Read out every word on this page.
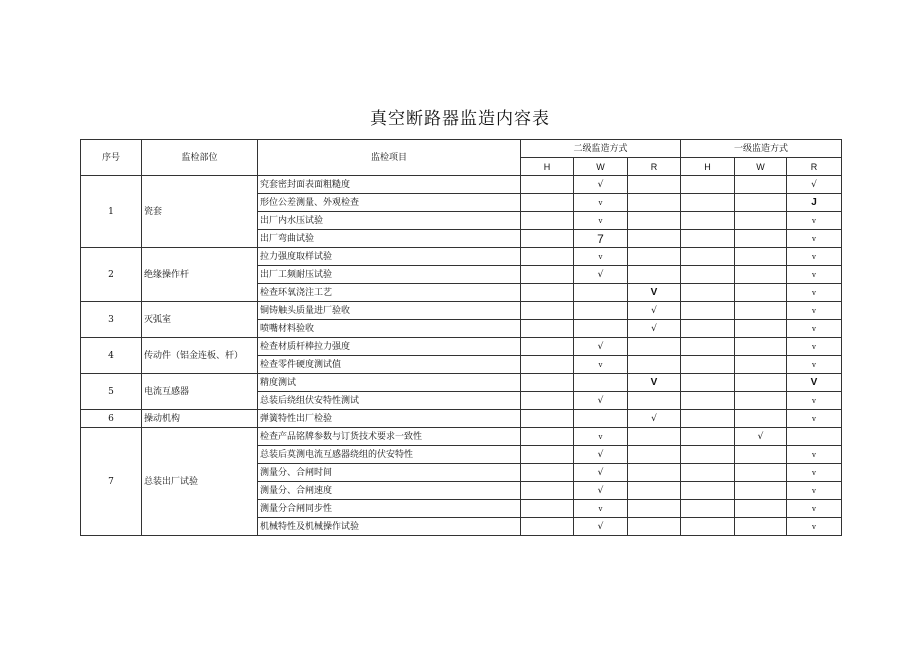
真空断路器监造内容表
序号	监检部位	监检项目	二级监造方式			一级监造方式		
			H	W	R	H	W	R
1	瓷套	究套密封面表面粗糙度		√				√
		形位公差测量、外观检查		v				J
		出厂内水压试验		v				v
		出厂弯曲试验		7				v
2	绝缘操作杆	拉力强度取样试验		v				v
		出厂工频耐压试验		√				v
		检查环氧浇注工艺			V			v
3	灭弧室	铜铸触头质量进厂验收			√			v
		喷嘴材料验收			√			v
4	传动件（铝金连板、杆）	检查材质杆棒拉力强度		√				v
		检查零件硬度测试值		v				v
5	电流互感器	精度测试			V			V
		总装后绕组伏安特性测试		√				v
6	操动机构	弹簧特性出厂检验			√			v
7	总装出厂试验	检查产品铭牌参数与订货技术要求一致性		v			√	
		总装后莫测电流互感器绕组的伏安特性		√				v
		测量分、合闸时间		√				v
		测量分、合闸速度		√				v
		测量分合闸同步性		v				v
		机械特性及机械操作试验		√				v
